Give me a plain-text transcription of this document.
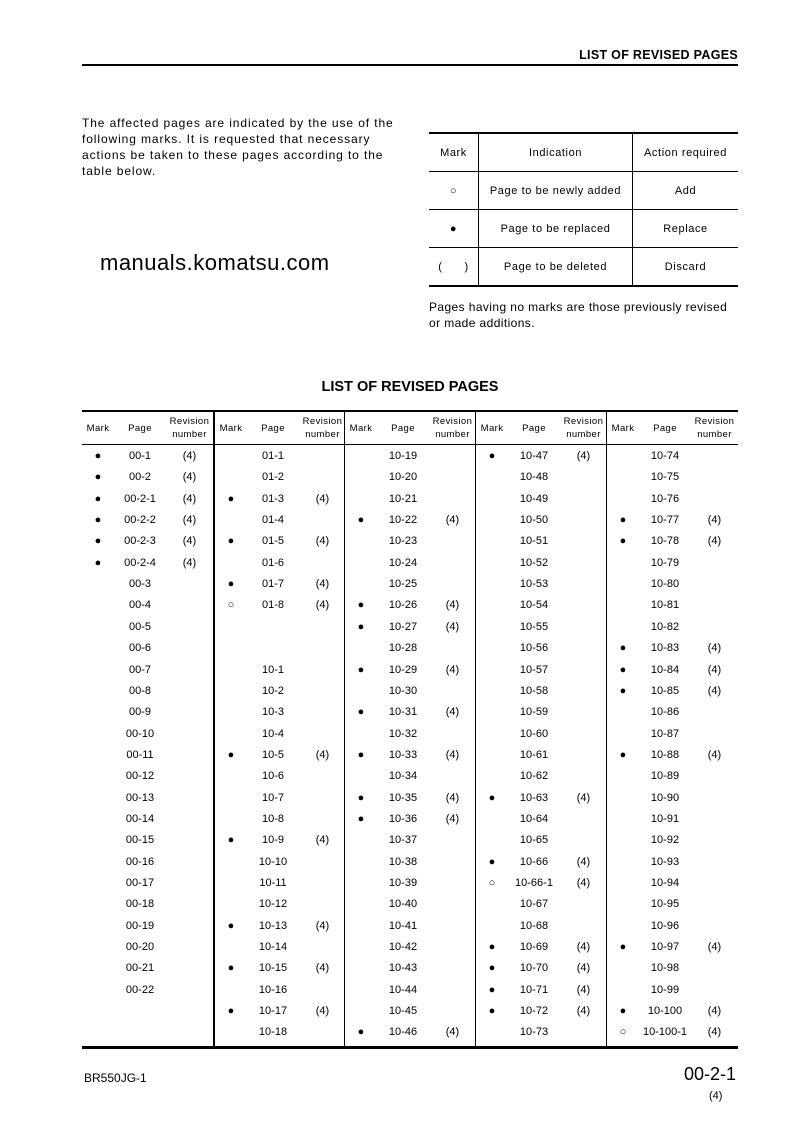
LIST OF REVISED PAGES
The affected pages are indicated by the use of the following marks. It is requested that necessary actions be taken to these pages according to the table below.
Mark	Indication	Action required
○	Page to be newly added	Add
●	Page to be replaced	Replace
(      )	Page to be deleted	Discard
Pages having no marks are those previously revised or made additions.
manuals.komatsu.com
LIST OF REVISED PAGES
Mark	Page
Revision
number
●	00-1	(4)
●	00-2	(4)
●	00-2-1	(4)
●	00-2-2	(4)
●	00-2-3	(4)
●	00-2-4	(4)
00-3
00-4
00-5
00-6
00-7
00-8
00-9
00-10
00-11
00-12
00-13
00-14
00-15
00-16
00-17
00-18
00-19
00-20
00-21
00-22
Mark	Page
Revision
number
01-1
01-2
●	01-3	(4)
01-4
●	01-5	(4)
01-6
●	01-7	(4)
○	01-8	(4)
10-1
10-2
10-3
10-4
●	10-5	(4)
10-6
10-7
10-8
●	10-9	(4)
10-10
10-11
10-12
●	10-13	(4)
10-14
●	10-15	(4)
10-16
●	10-17	(4)
10-18
Mark	Page
Revision
number
10-19
10-20
10-21
●	10-22	(4)
10-23
10-24
10-25
●	10-26	(4)
●	10-27	(4)
10-28
●	10-29	(4)
10-30
●	10-31	(4)
10-32
●	10-33	(4)
10-34
●	10-35	(4)
●	10-36	(4)
10-37
10-38
10-39
10-40
10-41
10-42
10-43
10-44
10-45
●	10-46	(4)
Mark	Page
Revision
number
●	10-47	(4)
10-48
10-49
10-50
10-51
10-52
10-53
10-54
10-55
10-56
10-57
10-58
10-59
10-60
10-61
10-62
●	10-63	(4)
10-64
10-65
●	10-66	(4)
○	10-66-1	(4)
10-67
10-68
●	10-69	(4)
●	10-70	(4)
●	10-71	(4)
●	10-72	(4)
10-73
Mark	Page
Revision
number
10-74
10-75
10-76
●	10-77	(4)
●	10-78	(4)
10-79
10-80
10-81
10-82
●	10-83	(4)
●	10-84	(4)
●	10-85	(4)
10-86
10-87
●	10-88	(4)
10-89
10-90
10-91
10-92
10-93
10-94
10-95
10-96
●	10-97	(4)
10-98
10-99
●	10-100	(4)
○	10-100-1	(4)
BR550JG-1	00-2-1
(4)
